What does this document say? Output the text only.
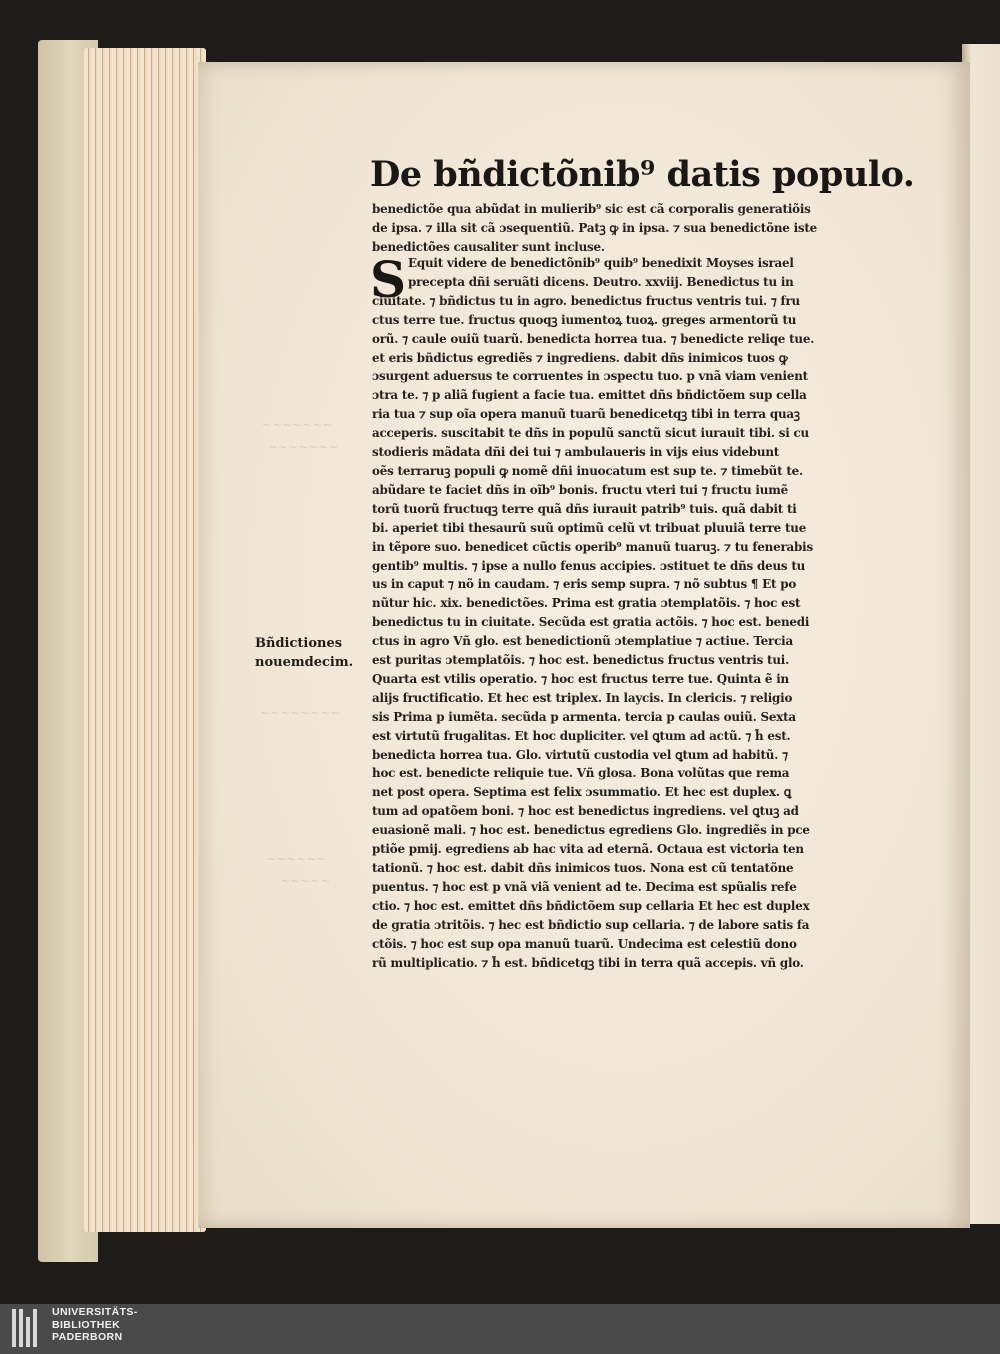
~~~~~~~
~~~~~~~
~~~~~~~~
~~~~~~
~~~~~
De bñdictõnib⁹ datis populo.
benedictõe qua abũdat in mulierib⁹ sic est cã corporalis generatiõis
de ipsa. ⁊ illa sit cã ɔsequentiũ. Patꝫ ꝙ in ipsa. ⁊ sua benedictõne iste
benedictões causaliter sunt incluse.
S Equit videre de benedictõnib⁹ quib⁹ benedixit Moyses israel
precepta dñi seruãti dicens. Deutro. xxviij. Benedictus tu in
ciuitate. ⁊ bñdictus tu in agro. benedictus fructus ventris tui. ⁊ fru
ctus terre tue. fructus quoqꝫ iumentoꝝ tuoꝝ. greges armentorũ tu
orũ. ⁊ caule ouiũ tuarũ. benedicta horrea tua. ⁊ benedicte reliqe tue.
et eris bñdictus egrediẽs ⁊ ingrediens. dabit dñs inimicos tuos ꝙ
ɔsurgent aduersus te corruentes in ɔspectu tuo. p vnã viam venient
ɔtra te. ⁊ p aliã fugient a facie tua. emittet dñs bñdictõem sup cella
ria tua ⁊ sup oĩa opera manuũ tuarũ benedicetqꝫ tibi in terra quaꝫ
acceperis. suscitabit te dñs in populũ sanctũ sicut iurauit tibi. si cu
stodieris mãdata dñi dei tui ⁊ ambulaueris in vijs eius videbunt
oẽs terraruꝫ populi ꝙ nomẽ dñi inuocatum est sup te. ⁊ timebũt te.
abũdare te faciet dñs in oĩb⁹ bonis. fructu vteri tui ⁊ fructu iumẽ
torũ tuorũ fructuqꝫ terre quã dñs iurauit patrib⁹ tuis. quã dabit ti
bi. aperiet tibi thesaurũ suũ optimũ celũ vt tribuat pluuiã terre tue
in tẽpore suo. benedicet cũctis operib⁹ manuũ tuaruꝫ. ⁊ tu fenerabis
gentib⁹ multis. ⁊ ipse a nullo fenus accipies. ɔstituet te dñs deus tu
us in caput ⁊ nõ in caudam. ⁊ eris semp supra. ⁊ nõ subtus ¶ Et po
nũtur hic. xix. benedictões. Prima est gratia ɔtemplatõis. ⁊ hoc est
benedictus tu in ciuitate. Secũda est gratia actõis. ⁊ hoc est. benedi
ctus in agro Vñ glo. est benedictionũ ɔtemplatiue ⁊ actiue. Tercia
est puritas ɔtemplatõis. ⁊ hoc est. benedictus fructus ventris tui.
Quarta est vtilis operatio. ⁊ hoc est fructus terre tue. Quinta ẽ in
alijs fructificatio. Et hec est triplex. In laycis. In clericis. ⁊ religio
sis Prima p iumẽta. secũda p armenta. tercia p caulas ouiũ. Sexta
est virtutũ frugalitas. Et hoc dupliciter. vel ꝗtum ad actũ. ⁊ h̃ est.
benedicta horrea tua. Glo. virtutũ custodia vel ꝗtum ad habitũ. ⁊
hoc est. benedicte reliquie tue. Vñ glosa. Bona volũtas que rema
net post opera. Septima est felix ɔsummatio. Et hec est duplex. ꝗ
tum ad opatõem boni. ⁊ hoc est benedictus ingrediens. vel ꝗtuꝫ ad
euasionẽ mali. ⁊ hoc est. benedictus egrediens Glo. ingrediẽs in pce
ptiõe pmij. egrediens ab hac vita ad eternã. Octaua est victoria ten
tationũ. ⁊ hoc est. dabit dñs inimicos tuos. Nona est cũ tentatõne
puentus. ⁊ hoc est p vnã viã venient ad te. Decima est spũalis refe
ctio. ⁊ hoc est. emittet dñs bñdictõem sup cellaria Et hec est duplex
de gratia ɔtritõis. ⁊ hec est bñdictio sup cellaria. ⁊ de labore satis fa
ctõis. ⁊ hoc est sup opa manuũ tuarũ. Undecima est celestiũ dono
rũ multiplicatio. ⁊ h̃ est. bñdicetqꝫ tibi in terra quã accepis. vñ glo.
Bñdictiones
nouemdecim.
UNIVERSITÄTS-
BIBLIOTHEK
PADERBORN
